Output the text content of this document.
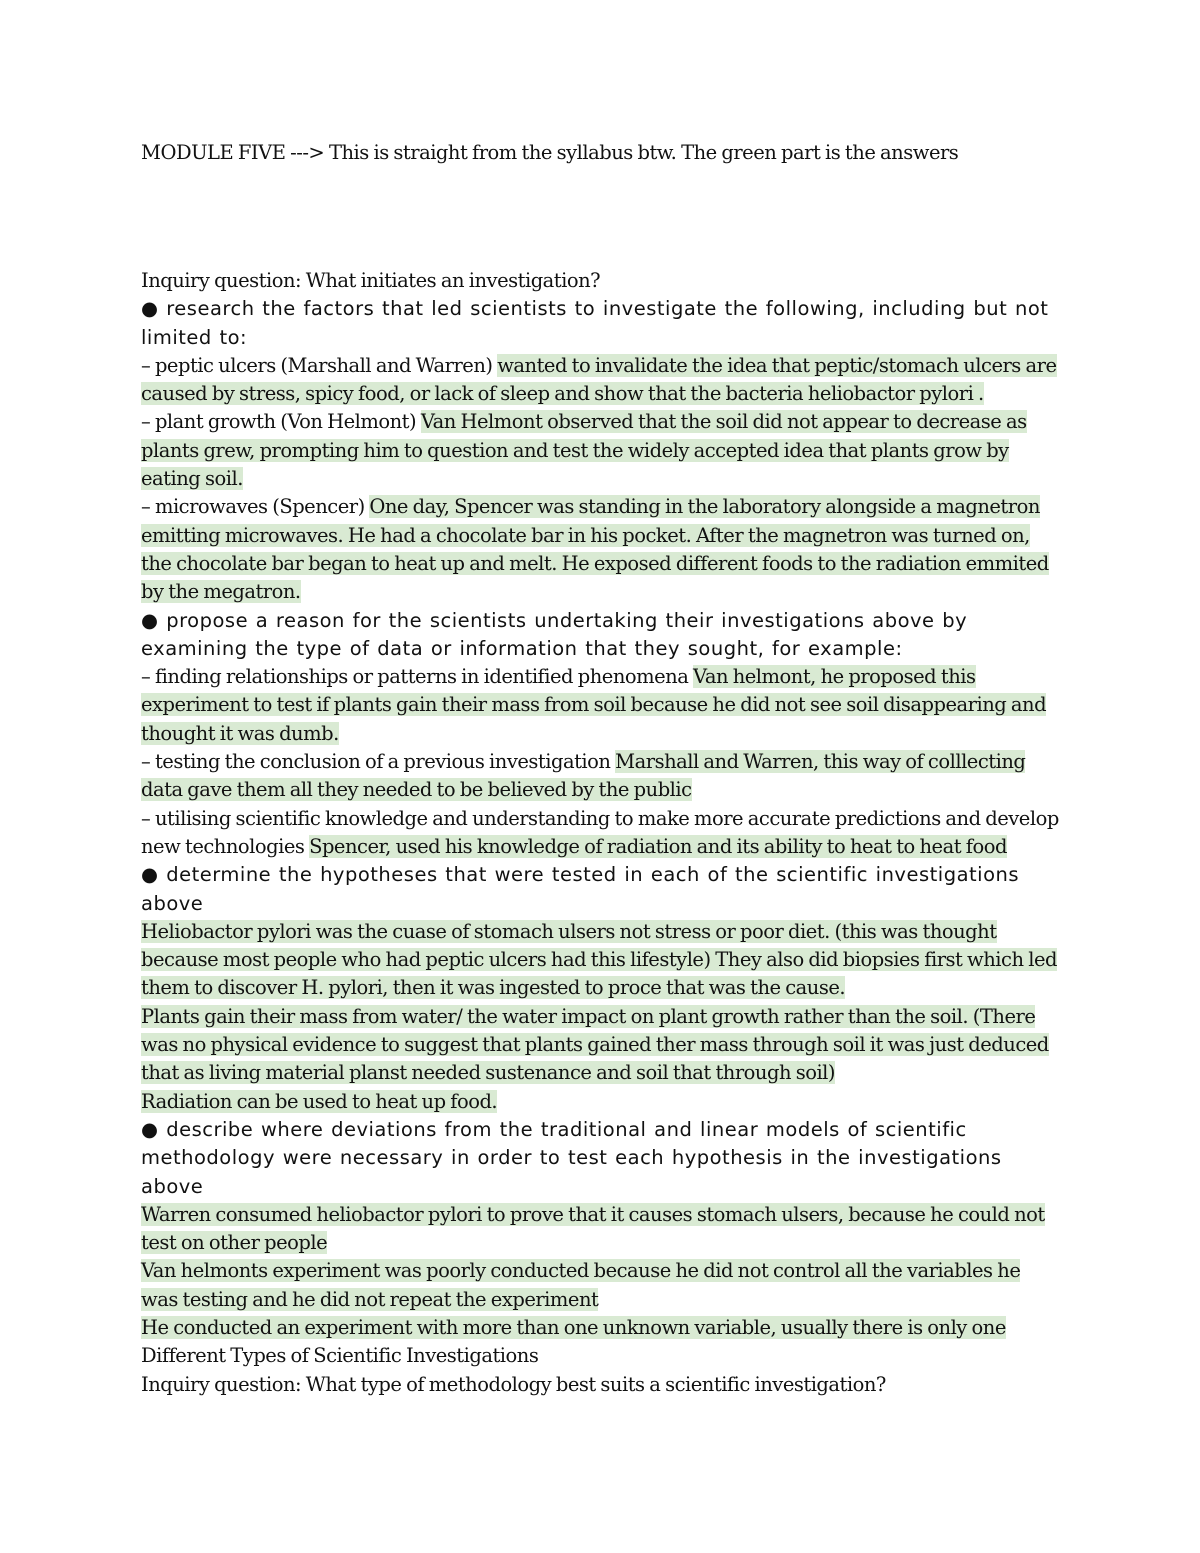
MODULE FIVE ---> This is straight from the syllabus btw. The green part is the answers

Inquiry question: What initiates an investigation?

● research the factors that led scientists to investigate the following, including but not limited to:

– peptic ulcers (Marshall and Warren) wanted to invalidate the idea that peptic/stomach ulcers are caused by stress, spicy food, or lack of sleep and show that the bacteria heliobactor pylori .

– plant growth (Von Helmont) Van Helmont observed that the soil did not appear to decrease as plants grew, prompting him to question and test the widely accepted idea that plants grow by eating soil.

– microwaves (Spencer) One day, Spencer was standing in the laboratory alongside a magnetron emitting microwaves. He had a chocolate bar in his pocket. After the magnetron was turned on, the chocolate bar began to heat up and melt. He exposed different foods to the radiation emmited by the megatron.

● propose a reason for the scientists undertaking their investigations above by examining the type of data or information that they sought, for example:

– finding relationships or patterns in identified phenomena Van helmont, he proposed this experiment to test if plants gain their mass from soil because he did not see soil disappearing and thought it was dumb.

– testing the conclusion of a previous investigation Marshall and Warren, this way of colllecting data gave them all they needed to be believed by the public

– utilising scientific knowledge and understanding to make more accurate predictions and develop new technologies Spencer, used his knowledge of radiation and its ability to heat to heat food

● determine the hypotheses that were tested in each of the scientific investigations above

Heliobactor pylori was the cuase of stomach ulsers not stress or poor diet. (this was thought because most people who had peptic ulcers had this lifestyle) They also did biopsies first which led them to discover H. pylori, then it was ingested to proce that was the cause.

Plants gain their mass from water/ the water impact on plant growth rather than the soil. (There was no physical evidence to suggest that plants gained ther mass through soil it was just deduced that as living material planst needed sustenance and soil that through soil)

Radiation can be used to heat up food.

● describe where deviations from the traditional and linear models of scientific methodology were necessary in order to test each hypothesis in the investigations above

Warren consumed heliobactor pylori to prove that it causes stomach ulsers, because he could not test on other people

Van helmonts experiment was poorly conducted because he did not control all the variables he was testing and he did not repeat the experiment

He conducted an experiment with more than one unknown variable, usually there is only one

Different Types of Scientific Investigations

Inquiry question: What type of methodology best suits a scientific investigation?
